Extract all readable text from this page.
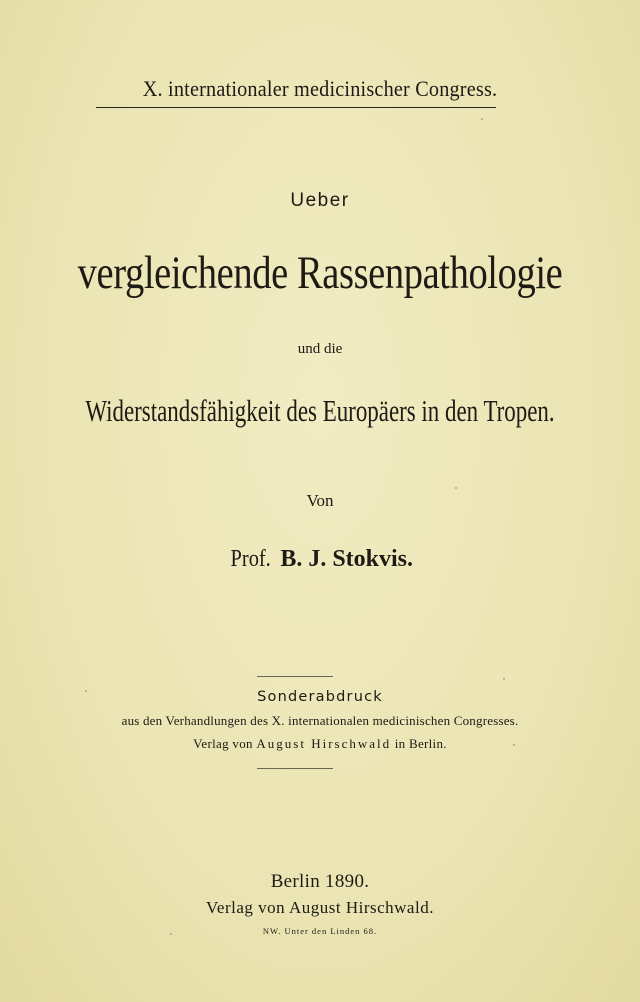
X. internationaler medicinischer Congress.
Ueber
vergleichende Rassenpathologie
und die
Widerstandsfähigkeit des Europäers in den Tropen.
Von
Prof. B. J. Stokvis.
Sonderabdruck
aus den Verhandlungen des X. internationalen medicinischen Congresses.
Verlag von August Hirschwald in Berlin.
Berlin 1890.
Verlag von August Hirschwald.
NW. Unter den Linden 68.
